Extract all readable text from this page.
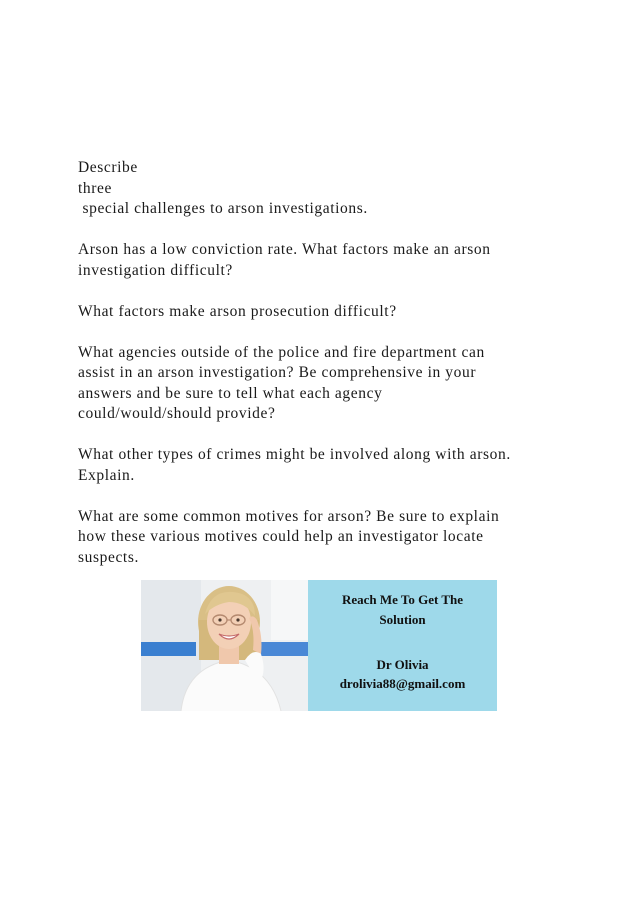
Describe
three
special challenges to arson investigations.
Arson has a low conviction rate. What factors make an arson
investigation difficult?
What factors make arson prosecution difficult?
What agencies outside of the police and fire department can
assist in an arson investigation? Be comprehensive in your
answers and be sure to tell what each agency
could/would/should provide?
What other types of crimes might be involved along with arson.
Explain.
What are some common motives for arson? Be sure to explain
how these various motives could help an investigator locate
suspects.
Reach Me To Get The
Solution
Dr Olivia
drolivia88@gmail.com
